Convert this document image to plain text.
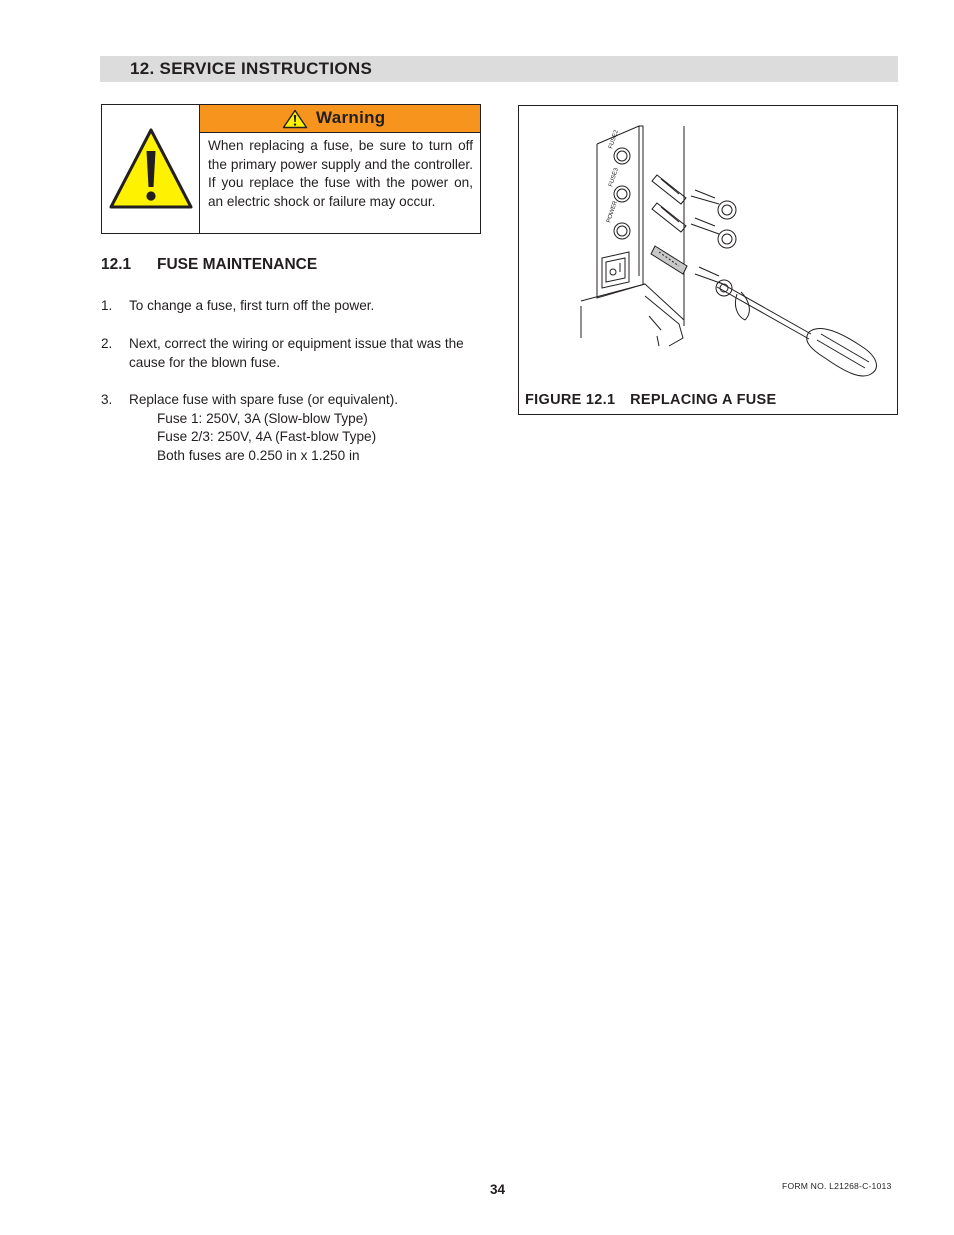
12. SERVICE INSTRUCTIONS
Warning
When replacing a fuse, be sure to turn off the primary power supply and the controller. If you replace the fuse with the power on, an electric shock or failure may occur.
12.1 FUSE MAINTENANCE
1. To change a fuse, first turn off the power.
2. Next, correct the wiring or equipment issue that was the cause for the blown fuse.
3. Replace fuse with spare fuse (or equivalent).
Fuse 1: 250V, 3A (Slow-blow Type)
Fuse 2/3: 250V, 4A (Fast-blow Type)
Both fuses are 0.250 in x 1.250 in
FUSE2
FUSE3
POWER
FIGURE 12.1 REPLACING A FUSE
34	FORM NO. L21268-C-1013
